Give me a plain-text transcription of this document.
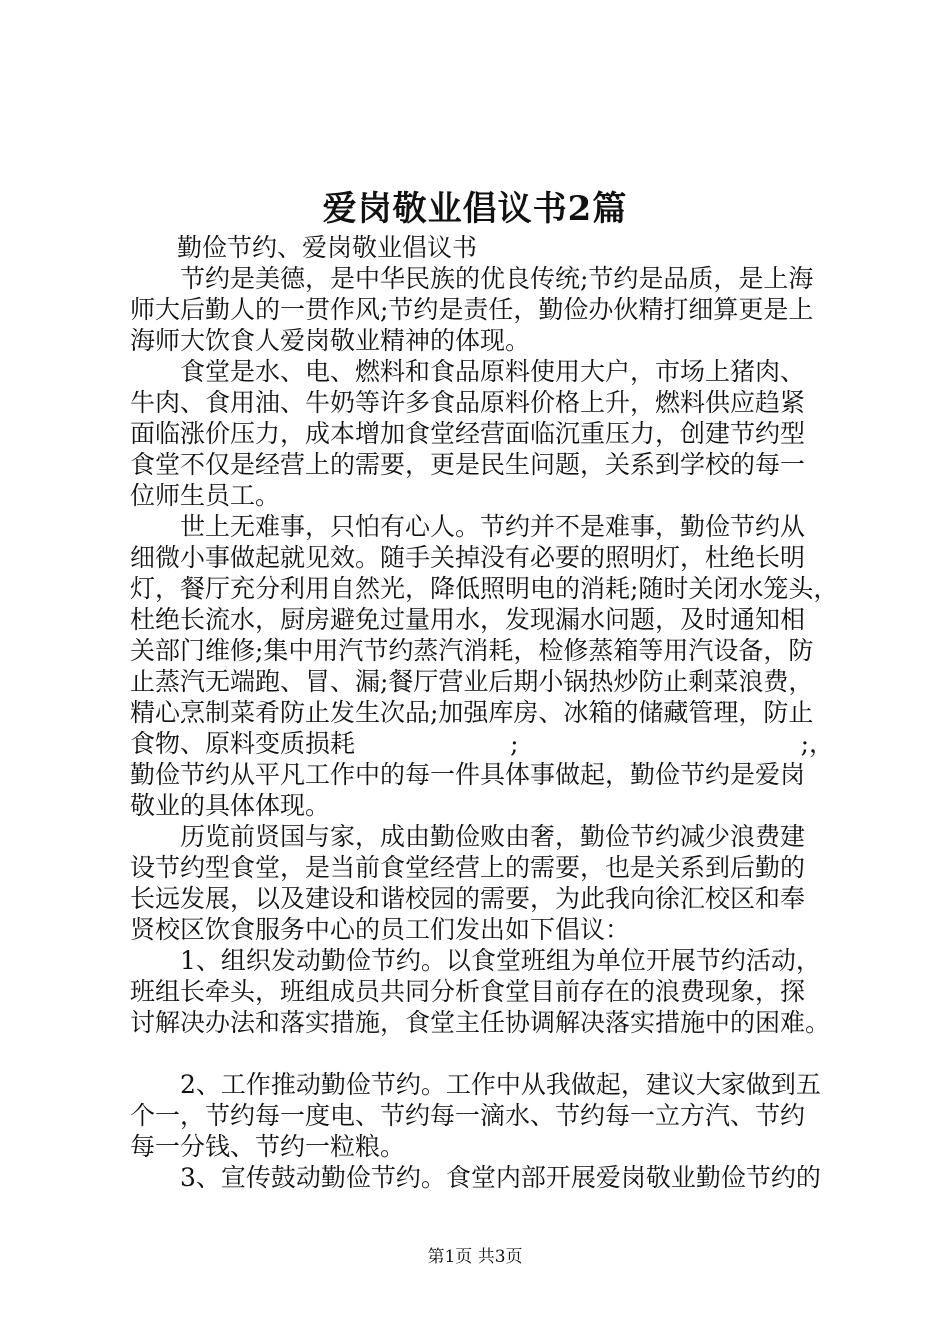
爱岗敬业倡议书2篇
勤俭节约、爱岗敬业倡议书
节约是美德，是中华民族的优良传统;节约是品质，是上海
师大后勤人的一贯作风;节约是责任，勤俭办伙精打细算更是上
海师大饮食人爱岗敬业精神的体现。
食堂是水、电、燃料和食品原料使用大户，市场上猪肉、
牛肉、食用油、牛奶等许多食品原料价格上升，燃料供应趋紧
面临涨价压力，成本增加食堂经营面临沉重压力，创建节约型
食堂不仅是经营上的需要，更是民生问题，关系到学校的每一
位师生员工。
世上无难事，只怕有心人。节约并不是难事，勤俭节约从
细微小事做起就见效。随手关掉没有必要的照明灯，杜绝长明
灯，餐厅充分利用自然光，降低照明电的消耗;随时关闭水笼头，
杜绝长流水，厨房避免过量用水，发现漏水问题，及时通知相
关部门维修;集中用汽节约蒸汽消耗，检修蒸箱等用汽设备，防
止蒸汽无端跑、冒、漏;餐厅营业后期小锅热炒防止剩菜浪费，
精心烹制菜肴防止发生次品;加强库房、冰箱的储藏管理，防止
食物、原料变质损耗	;	;，
勤俭节约从平凡工作中的每一件具体事做起，勤俭节约是爱岗
敬业的具体体现。
历览前贤国与家，成由勤俭败由奢，勤俭节约减少浪费建
设节约型食堂，是当前食堂经营上的需要，也是关系到后勤的
长远发展，以及建设和谐校园的需要，为此我向徐汇校区和奉
贤校区饮食服务中心的员工们发出如下倡议：
1、组织发动勤俭节约。以食堂班组为单位开展节约活动，
班组长牵头，班组成员共同分析食堂目前存在的浪费现象，探
讨解决办法和落实措施，食堂主任协调解决落实措施中的困难。
2、工作推动勤俭节约。工作中从我做起，建议大家做到五
个一，节约每一度电、节约每一滴水、节约每一立方汽、节约
每一分钱、节约一粒粮。
3、宣传鼓动勤俭节约。食堂内部开展爱岗敬业勤俭节约的
第1页 共3页
